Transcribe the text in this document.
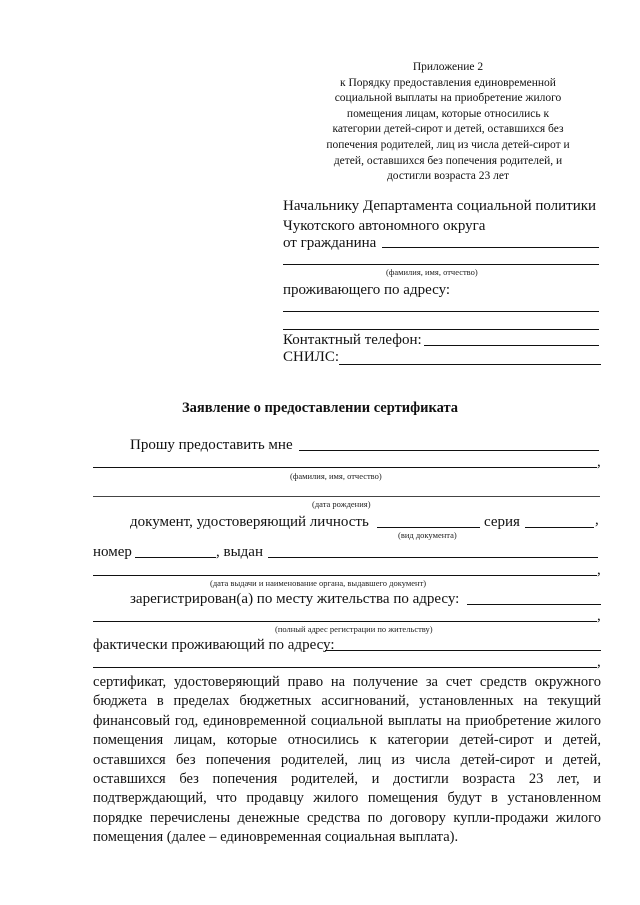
Приложение 2
к Порядку предоставления единовременной
социальной выплаты на приобретение жилого
помещения лицам, которые относились к
категории детей-сирот и детей, оставшихся без
попечения родителей, лиц из числа детей-сирот и
детей, оставшихся без попечения родителей, и
достигли возраста 23 лет
Начальнику Департамента социальной политики
Чукотского автономного округа
от гражданина
(фамилия, имя, отчество)
проживающего по адресу:
Контактный телефон:
СНИЛС:
Заявление о предоставлении сертификата
Прошу предоставить мне
,
(фамилия, имя, отчество)
(дата рождения)
документ, удостоверяющий личность	серия	,
(вид документа)
номер	, выдан
,
(дата выдачи и наименование органа, выдавшего документ)
зарегистрирован(а) по месту жительства по адресу:
,
(полный адрес регистрации по жительству)
фактически проживающий по адресу:
,
сертификат, удостоверяющий право на получение за счет средств окружного бюджета в пределах бюджетных ассигнований, установленных на текущий финансовый год, единовременной социальной выплаты на приобретение жилого помещения лицам, которые относились к категории детей-сирот и детей, оставшихся без попечения родителей, лиц из числа детей-сирот и детей, оставшихся без попечения родителей, и достигли возраста 23 лет, и подтверждающий, что продавцу жилого помещения будут в установленном порядке перечислены денежные средства по договору купли-продажи жилого помещения (далее – единовременная социальная выплата).
